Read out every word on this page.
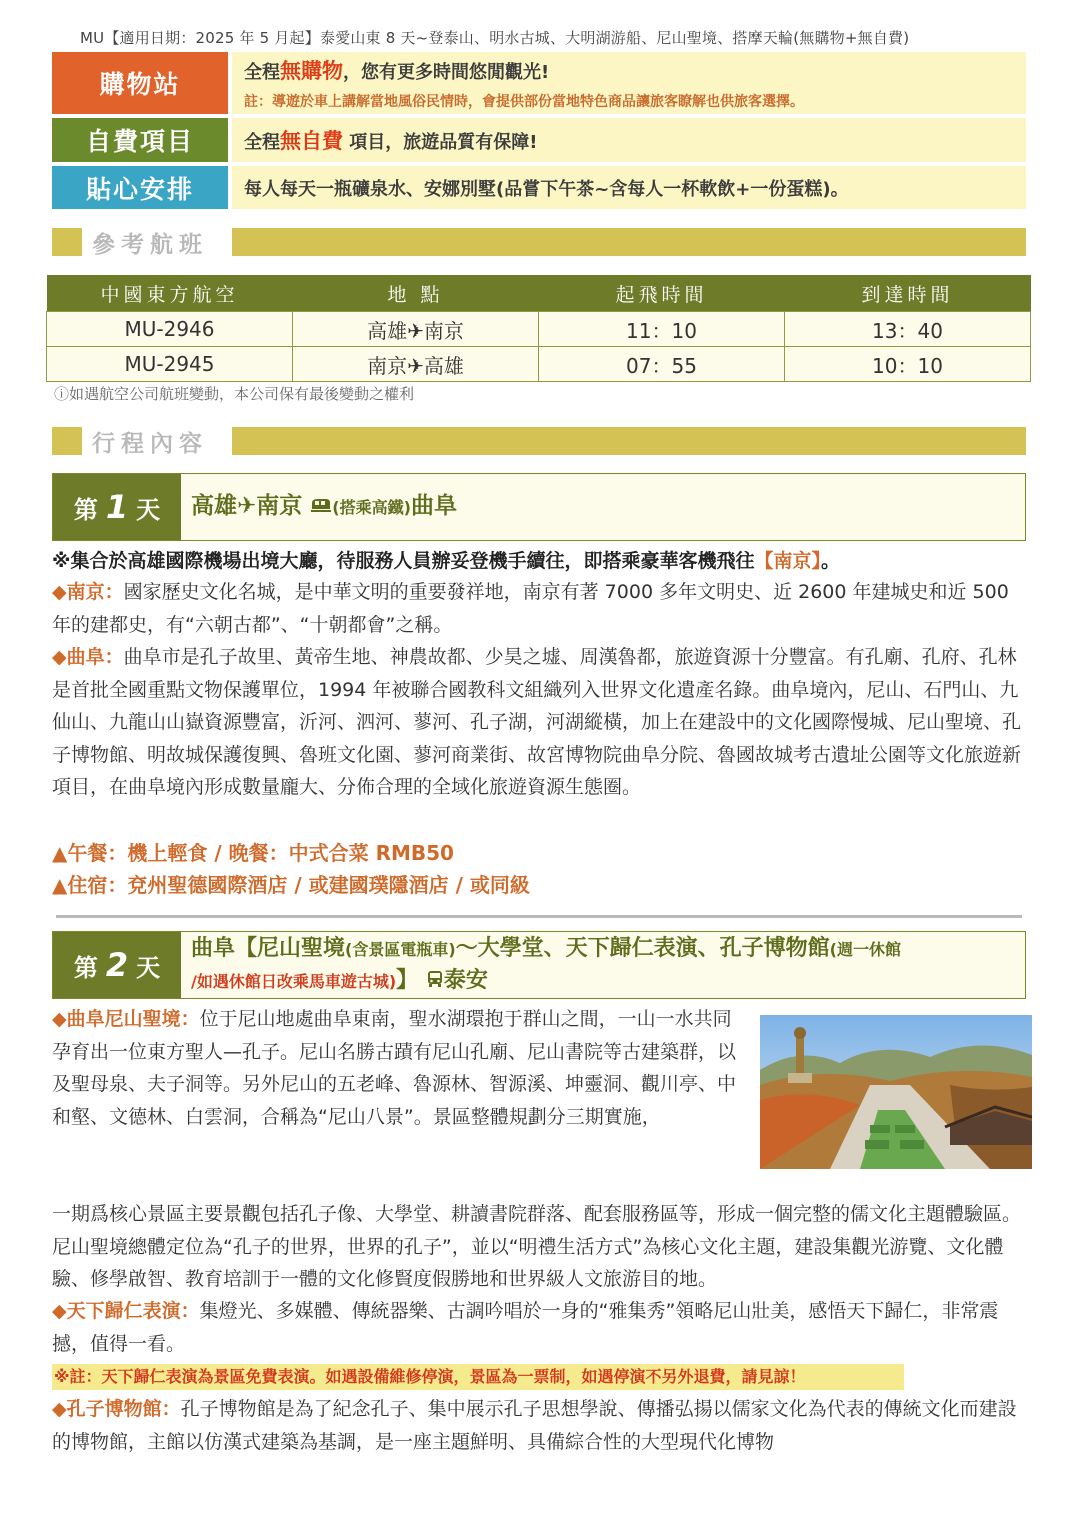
MU【適用日期：2025 年 5 月起】泰愛山東 8 天~登泰山、明水古城、大明湖游船、尼山聖境、搭摩天輪(無購物+無自費)
購物站	全程無購物，您有更多時間悠閒觀光!
註：導遊於車上講解當地風俗民情時，會提供部份當地特色商品讓旅客瞭解也供旅客選擇。
自費項目	全程無自費 項目，旅遊品質有保障!
貼心安排	每人每天一瓶礦泉水、安娜別墅(品嘗下午茶~含每人一杯軟飲+一份蛋糕)。
參考航班
中國東方航空	地 點	起飛時間	到達時間
MU-2946	高雄✈南京	11：10	13：40
MU-2945	南京✈高雄	07：55	10：10
ⓘ如遇航空公司航班變動，本公司保有最後變動之權利
行程內容
第 1 天 高雄✈南京 (搭乘高鐵)曲阜
※集合於高雄國際機場出境大廳，待服務人員辦妥登機手續往，即搭乘豪華客機飛往【南京】。
◆南京：國家歷史文化名城，是中華文明的重要發祥地，南京有著 7000 多年文明史、近 2600 年建城史和近 500 年的建都史，有“六朝古都”、“十朝都會”之稱。
◆曲阜：曲阜市是孔子故里、黃帝生地、神農故都、少昊之墟、周漢魯都，旅遊資源十分豐富。有孔廟、孔府、孔林是首批全國重點文物保護單位，1994 年被聯合國教科文組織列入世界文化遺產名錄。曲阜境內，尼山、石門山、九仙山、九龍山山嶽資源豐富，沂河、泗河、蓼河、孔子湖，河湖縱橫，加上在建設中的文化國際慢城、尼山聖境、孔子博物館、明故城保護復興、魯班文化園、蓼河商業街、故宮博物院曲阜分院、魯國故城考古遺址公園等文化旅遊新項目，在曲阜境內形成數量龐大、分佈合理的全域化旅遊資源生態圈。
▲午餐：機上輕食 / 晚餐：中式合菜 RMB50
▲住宿：兗州聖德國際酒店 / 或建國璞隱酒店 / 或同級
第 2 天
曲阜【尼山聖境(含景區電瓶車)～大學堂、天下歸仁表演、孔子博物館(週一休館
/如遇休館日改乘馬車遊古城)】 泰安
◆曲阜尼山聖境：位于尼山地處曲阜東南，聖水湖環抱于群山之間，一山一水共同孕育出一位東方聖人—孔子。尼山名勝古蹟有尼山孔廟、尼山書院等古建築群，以及聖母泉、夫子洞等。另外尼山的五老峰、魯源林、智源溪、坤靈洞、觀川亭、中和壑、文德林、白雲洞，合稱為“尼山八景”。景區整體規劃分三期實施，
◆天下歸仁表演：集燈光、多媒體、傳統器樂、古調吟唱於一身的“雅集秀”領略尼山壯美，感悟天下歸仁，非常震撼，值得一看。
※註：天下歸仁表演為景區免費表演。如遇設備維修停演，景區為一票制，如遇停演不另外退費，請見諒！
◆孔子博物館：孔子博物館是為了紀念孔子、集中展示孔子思想學說、傳播弘揚以儒家文化為代表的傳統文化而建設的博物館，主館以仿漢式建築為基調，是一座主題鮮明、具備綜合性的大型現代化博物
一期爲核心景區主要景觀包括孔子像、大學堂、耕讀書院群落、配套服務區等，形成一個完整的儒文化主題體驗區。尼山聖境總體定位為“孔子的世界，世界的孔子”，並以“明禮生活方式”為核心文化主題，建設集觀光游覽、文化體驗、修學啟智、教育培訓于一體的文化修賢度假勝地和世界級人文旅游目的地。
